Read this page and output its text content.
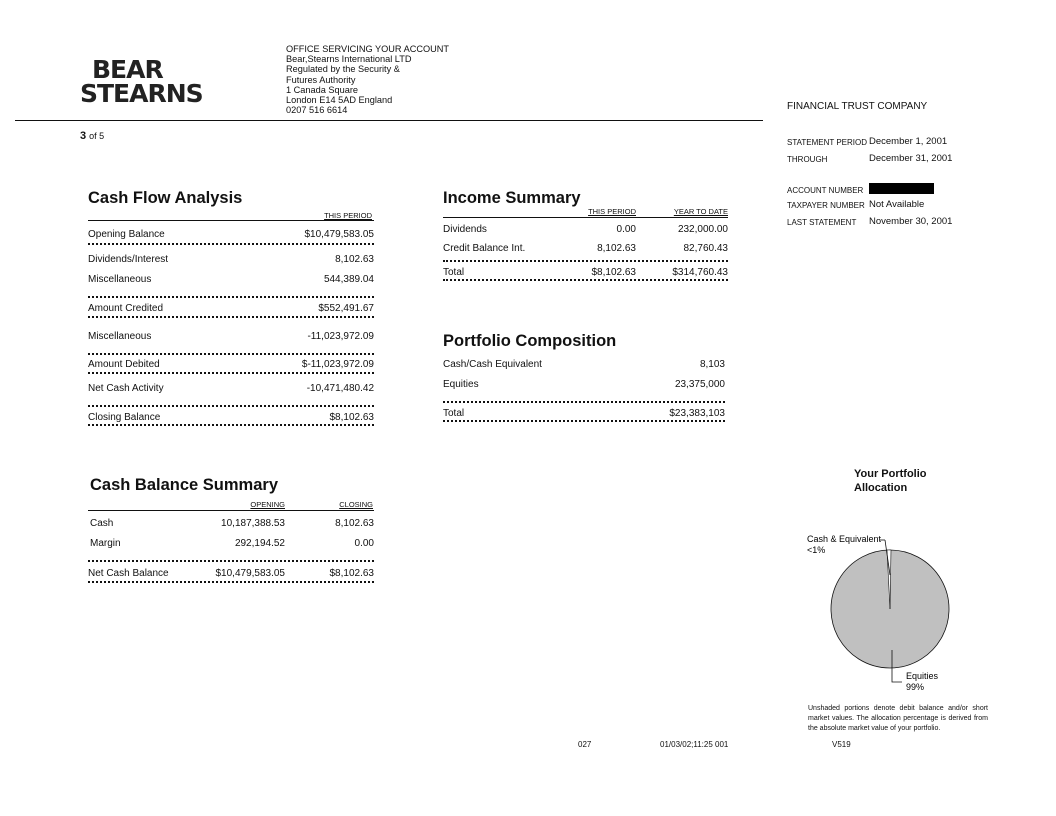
BEAR
STEARNS
OFFICE SERVICING YOUR ACCOUNT
Bear,Stearns International LTD
Regulated by the Security &
Futures Authority
1 Canada Square
London E14 5AD England
0207 516 6614
3 of 5
FINANCIAL TRUST COMPANY
STATEMENT PERIOD December 1, 2001
THROUGH	December 31, 2001
ACCOUNT NUMBER
TAXPAYER NUMBER Not Available
LAST STATEMENT November 30, 2001
Cash Flow Analysis
THIS PERIOD
Opening Balance	$10,479,583.05
Dividends/Interest	8,102.63
Miscellaneous	544,389.04
Amount Credited	$552,491.67
Miscellaneous	-11,023,972.09
Amount Debited	$-11,023,972.09
Net Cash Activity	-10,471,480.42
Closing Balance	$8,102.63
Income Summary
THIS PERIOD	YEAR TO DATE
Dividends	0.00	232,000.00
Credit Balance Int.	8,102.63	82,760.43
Total	$8,102.63	$314,760.43
Portfolio Composition
Cash/Cash Equivalent	8,103
Equities	23,375,000
Total	$23,383,103
Cash Balance Summary
OPENING	CLOSING
Cash	10,187,388.53	8,102.63
Margin	292,194.52	0.00
Net Cash Balance	$10,479,583.05	$8,102.63
Your Portfolio
Allocation
Cash & Equivalent
<1%
Equities
99%
Unshaded portions denote debit balance and/or short market values. The allocation percentage is derived from the absolute market value of your portfolio.
027	01/03/02;11:25 001	V519
